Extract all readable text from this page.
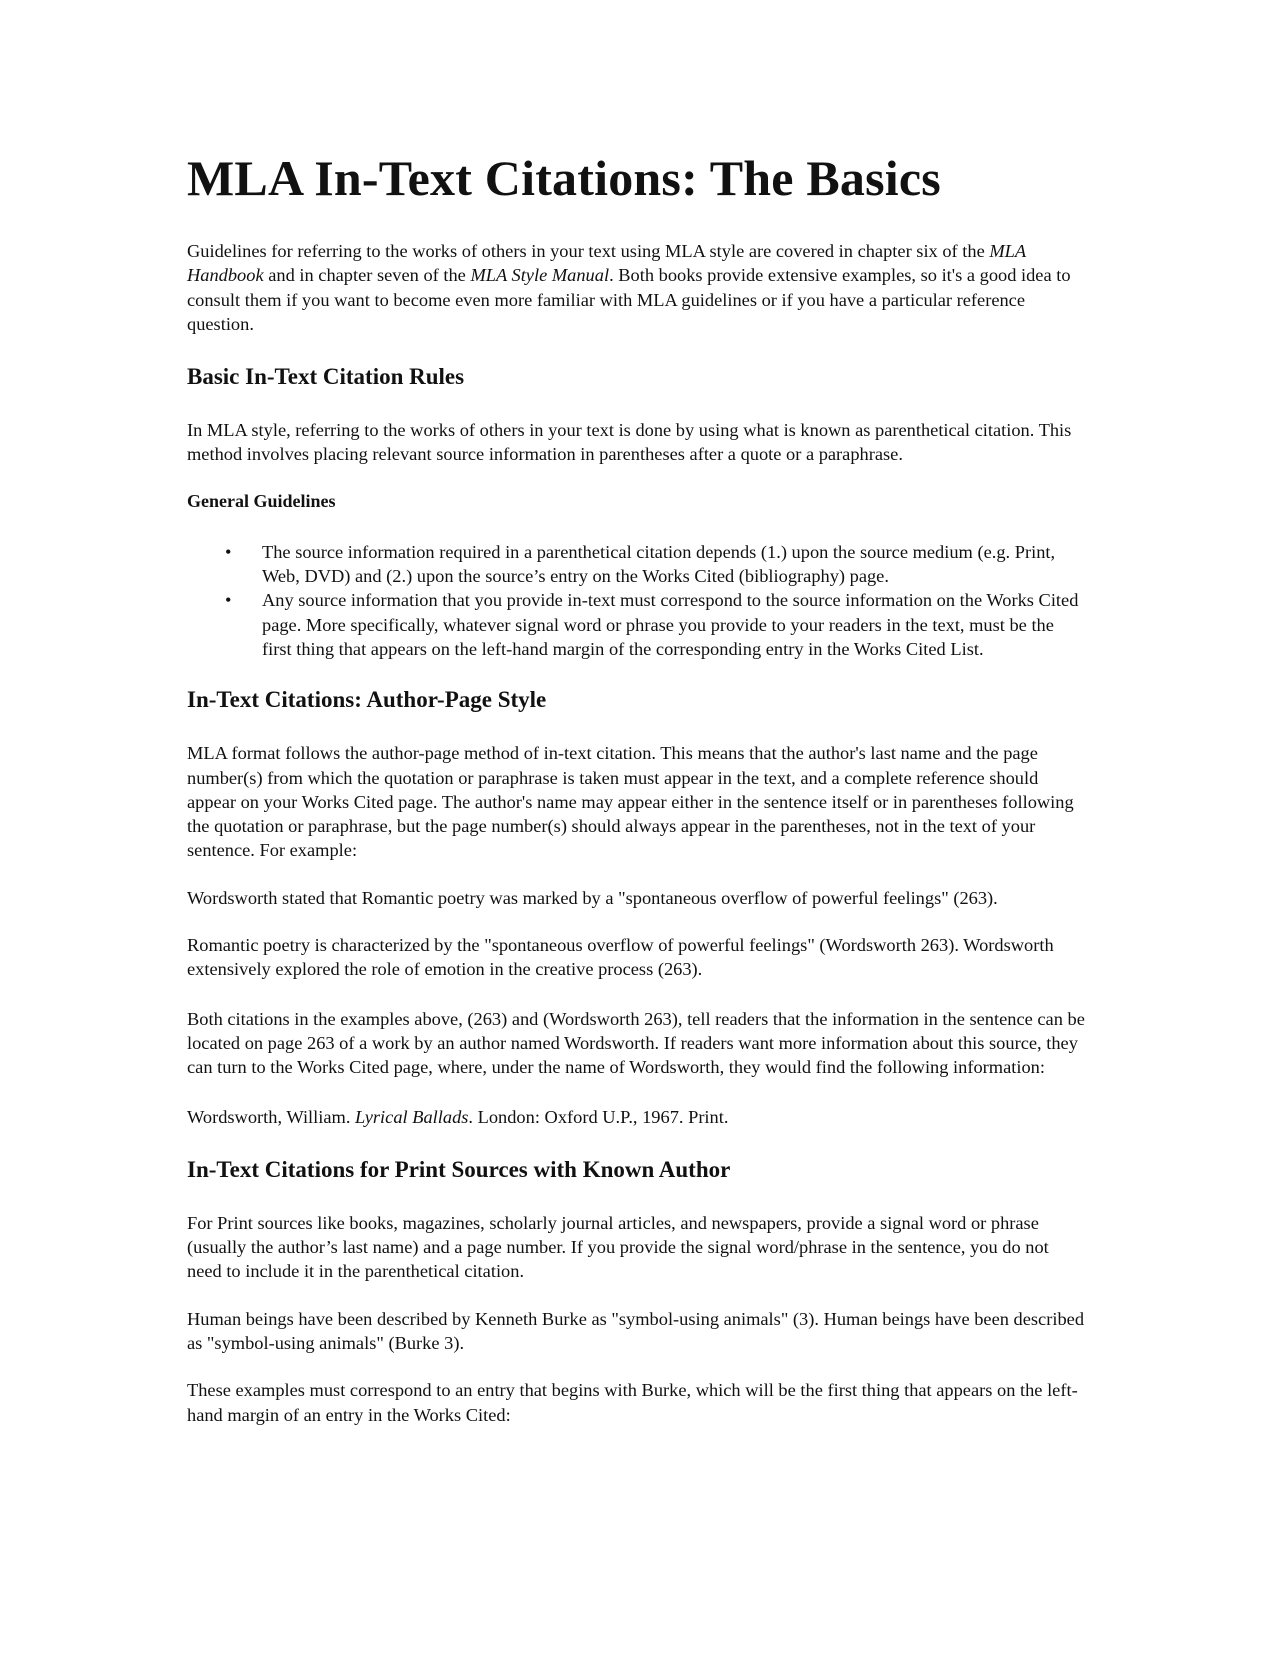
MLA In-Text Citations: The Basics

Guidelines for referring to the works of others in your text using MLA style are covered in chapter six of the MLA Handbook and in chapter seven of the MLA Style Manual. Both books provide extensive examples, so it's a good idea to consult them if you want to become even more familiar with MLA guidelines or if you have a particular reference question.

Basic In-Text Citation Rules

In MLA style, referring to the works of others in your text is done by using what is known as parenthetical citation. This method involves placing relevant source information in parentheses after a quote or a paraphrase.

General Guidelines
• The source information required in a parenthetical citation depends (1.) upon the source medium (e.g. Print, Web, DVD) and (2.) upon the source’s entry on the Works Cited (bibliography) page.
• Any source information that you provide in-text must correspond to the source information on the Works Cited page. More specifically, whatever signal word or phrase you provide to your readers in the text, must be the first thing that appears on the left-hand margin of the corresponding entry in the Works Cited List.
In-Text Citations: Author-Page Style

MLA format follows the author-page method of in-text citation. This means that the author's last name and the page number(s) from which the quotation or paraphrase is taken must appear in the text, and a complete reference should appear on your Works Cited page. The author's name may appear either in the sentence itself or in parentheses following the quotation or paraphrase, but the page number(s) should always appear in the parentheses, not in the text of your sentence. For example:

Wordsworth stated that Romantic poetry was marked by a "spontaneous overflow of powerful feelings" (263).

Romantic poetry is characterized by the "spontaneous overflow of powerful feelings" (Wordsworth 263). Wordsworth extensively explored the role of emotion in the creative process (263).

Both citations in the examples above, (263) and (Wordsworth 263), tell readers that the information in the sentence can be located on page 263 of a work by an author named Wordsworth. If readers want more information about this source, they can turn to the Works Cited page, where, under the name of Wordsworth, they would find the following information:

Wordsworth, William. Lyrical Ballads. London: Oxford U.P., 1967. Print.

In-Text Citations for Print Sources with Known Author

For Print sources like books, magazines, scholarly journal articles, and newspapers, provide a signal word or phrase (usually the author’s last name) and a page number. If you provide the signal word/phrase in the sentence, you do not need to include it in the parenthetical citation.

Human beings have been described by Kenneth Burke as "symbol-using animals" (3). Human beings have been described as "symbol-using animals" (Burke 3).

These examples must correspond to an entry that begins with Burke, which will be the first thing that appears on the left-hand margin of an entry in the Works Cited:
